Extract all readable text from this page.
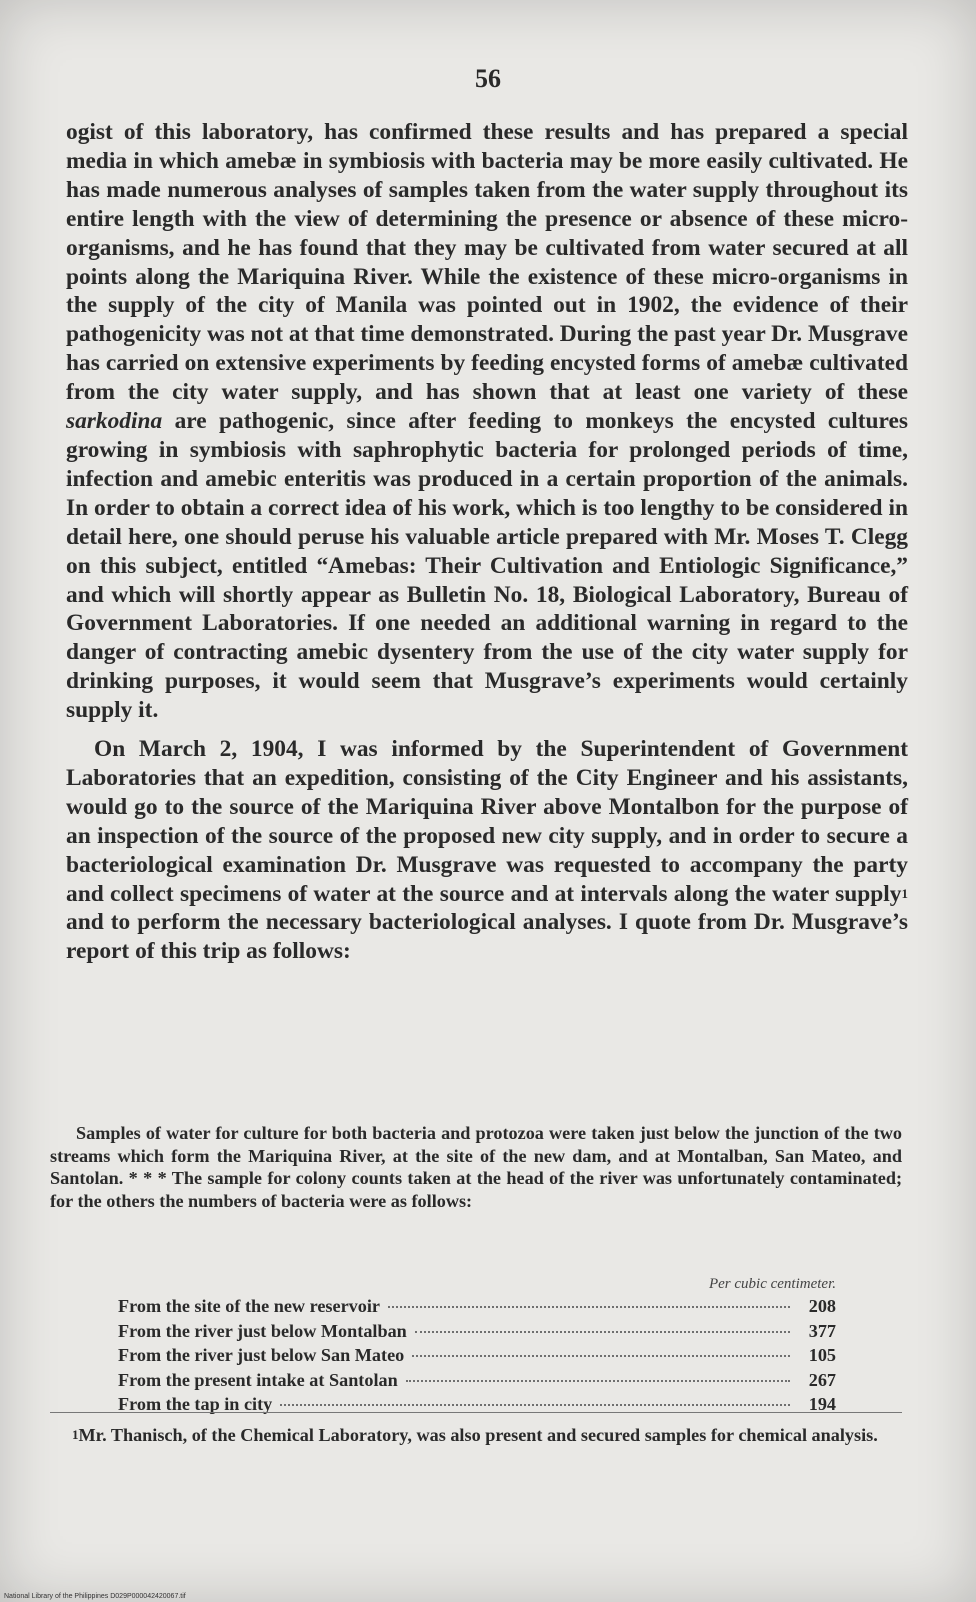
56

ogist of this laboratory, has confirmed these results and has prepared a special media in which amebæ in symbiosis with bacteria may be more easily cultivated. He has made numerous analyses of samples taken from the water supply throughout its entire length with the view of determining the presence or absence of these micro-organisms, and he has found that they may be cultivated from water secured at all points along the Mariquina River. While the existence of these micro-organisms in the supply of the city of Manila was pointed out in 1902, the evidence of their pathogenicity was not at that time demonstrated. During the past year Dr. Musgrave has carried on extensive experiments by feeding encysted forms of amebæ cultivated from the city water supply, and has shown that at least one variety of these sarkodina are pathogenic, since after feeding to monkeys the encysted cultures growing in symbiosis with saphrophytic bacteria for prolonged periods of time, infection and amebic enteritis was produced in a certain proportion of the animals. In order to obtain a correct idea of his work, which is too lengthy to be considered in detail here, one should peruse his valuable article prepared with Mr. Moses T. Clegg on this subject, entitled “Amebas: Their Cultivation and Entiologic Significance,” and which will shortly appear as Bulletin No. 18, Biological Laboratory, Bureau of Government Laboratories. If one needed an additional warning in regard to the danger of contracting amebic dysentery from the use of the city water supply for drinking purposes, it would seem that Musgrave’s experiments would certainly supply it.

On March 2, 1904, I was informed by the Superintendent of Government Laboratories that an expedition, consisting of the City Engineer and his assistants, would go to the source of the Mariquina River above Montalbon for the purpose of an inspection of the source of the proposed new city supply, and in order to secure a bacteriological examination Dr. Musgrave was requested to accompany the party and collect specimens of water at the source and at intervals along the water supply$^1$ and to perform the necessary bacteriological analyses. I quote from Dr. Musgrave’s report of this trip as follows:

Samples of water for culture for both bacteria and protozoa were taken just below the junction of the two streams which form the Mariquina River, at the site of the new dam, and at Montalban, San Mateo, and Santolan. * * * The sample for colony counts taken at the head of the river was unfortunately contaminated; for the others the numbers of bacteria were as follows:

Per cubic centimeter.
From the site of the new reservoir	208
From the river just below Montalban	377
From the river just below San Mateo	105
From the present intake at Santolan	267
From the tap in city	194
$^1$Mr. Thanisch, of the Chemical Laboratory, was also present and secured samples for chemical analysis.
National Library of the Philippines D029P000042420067.tif
